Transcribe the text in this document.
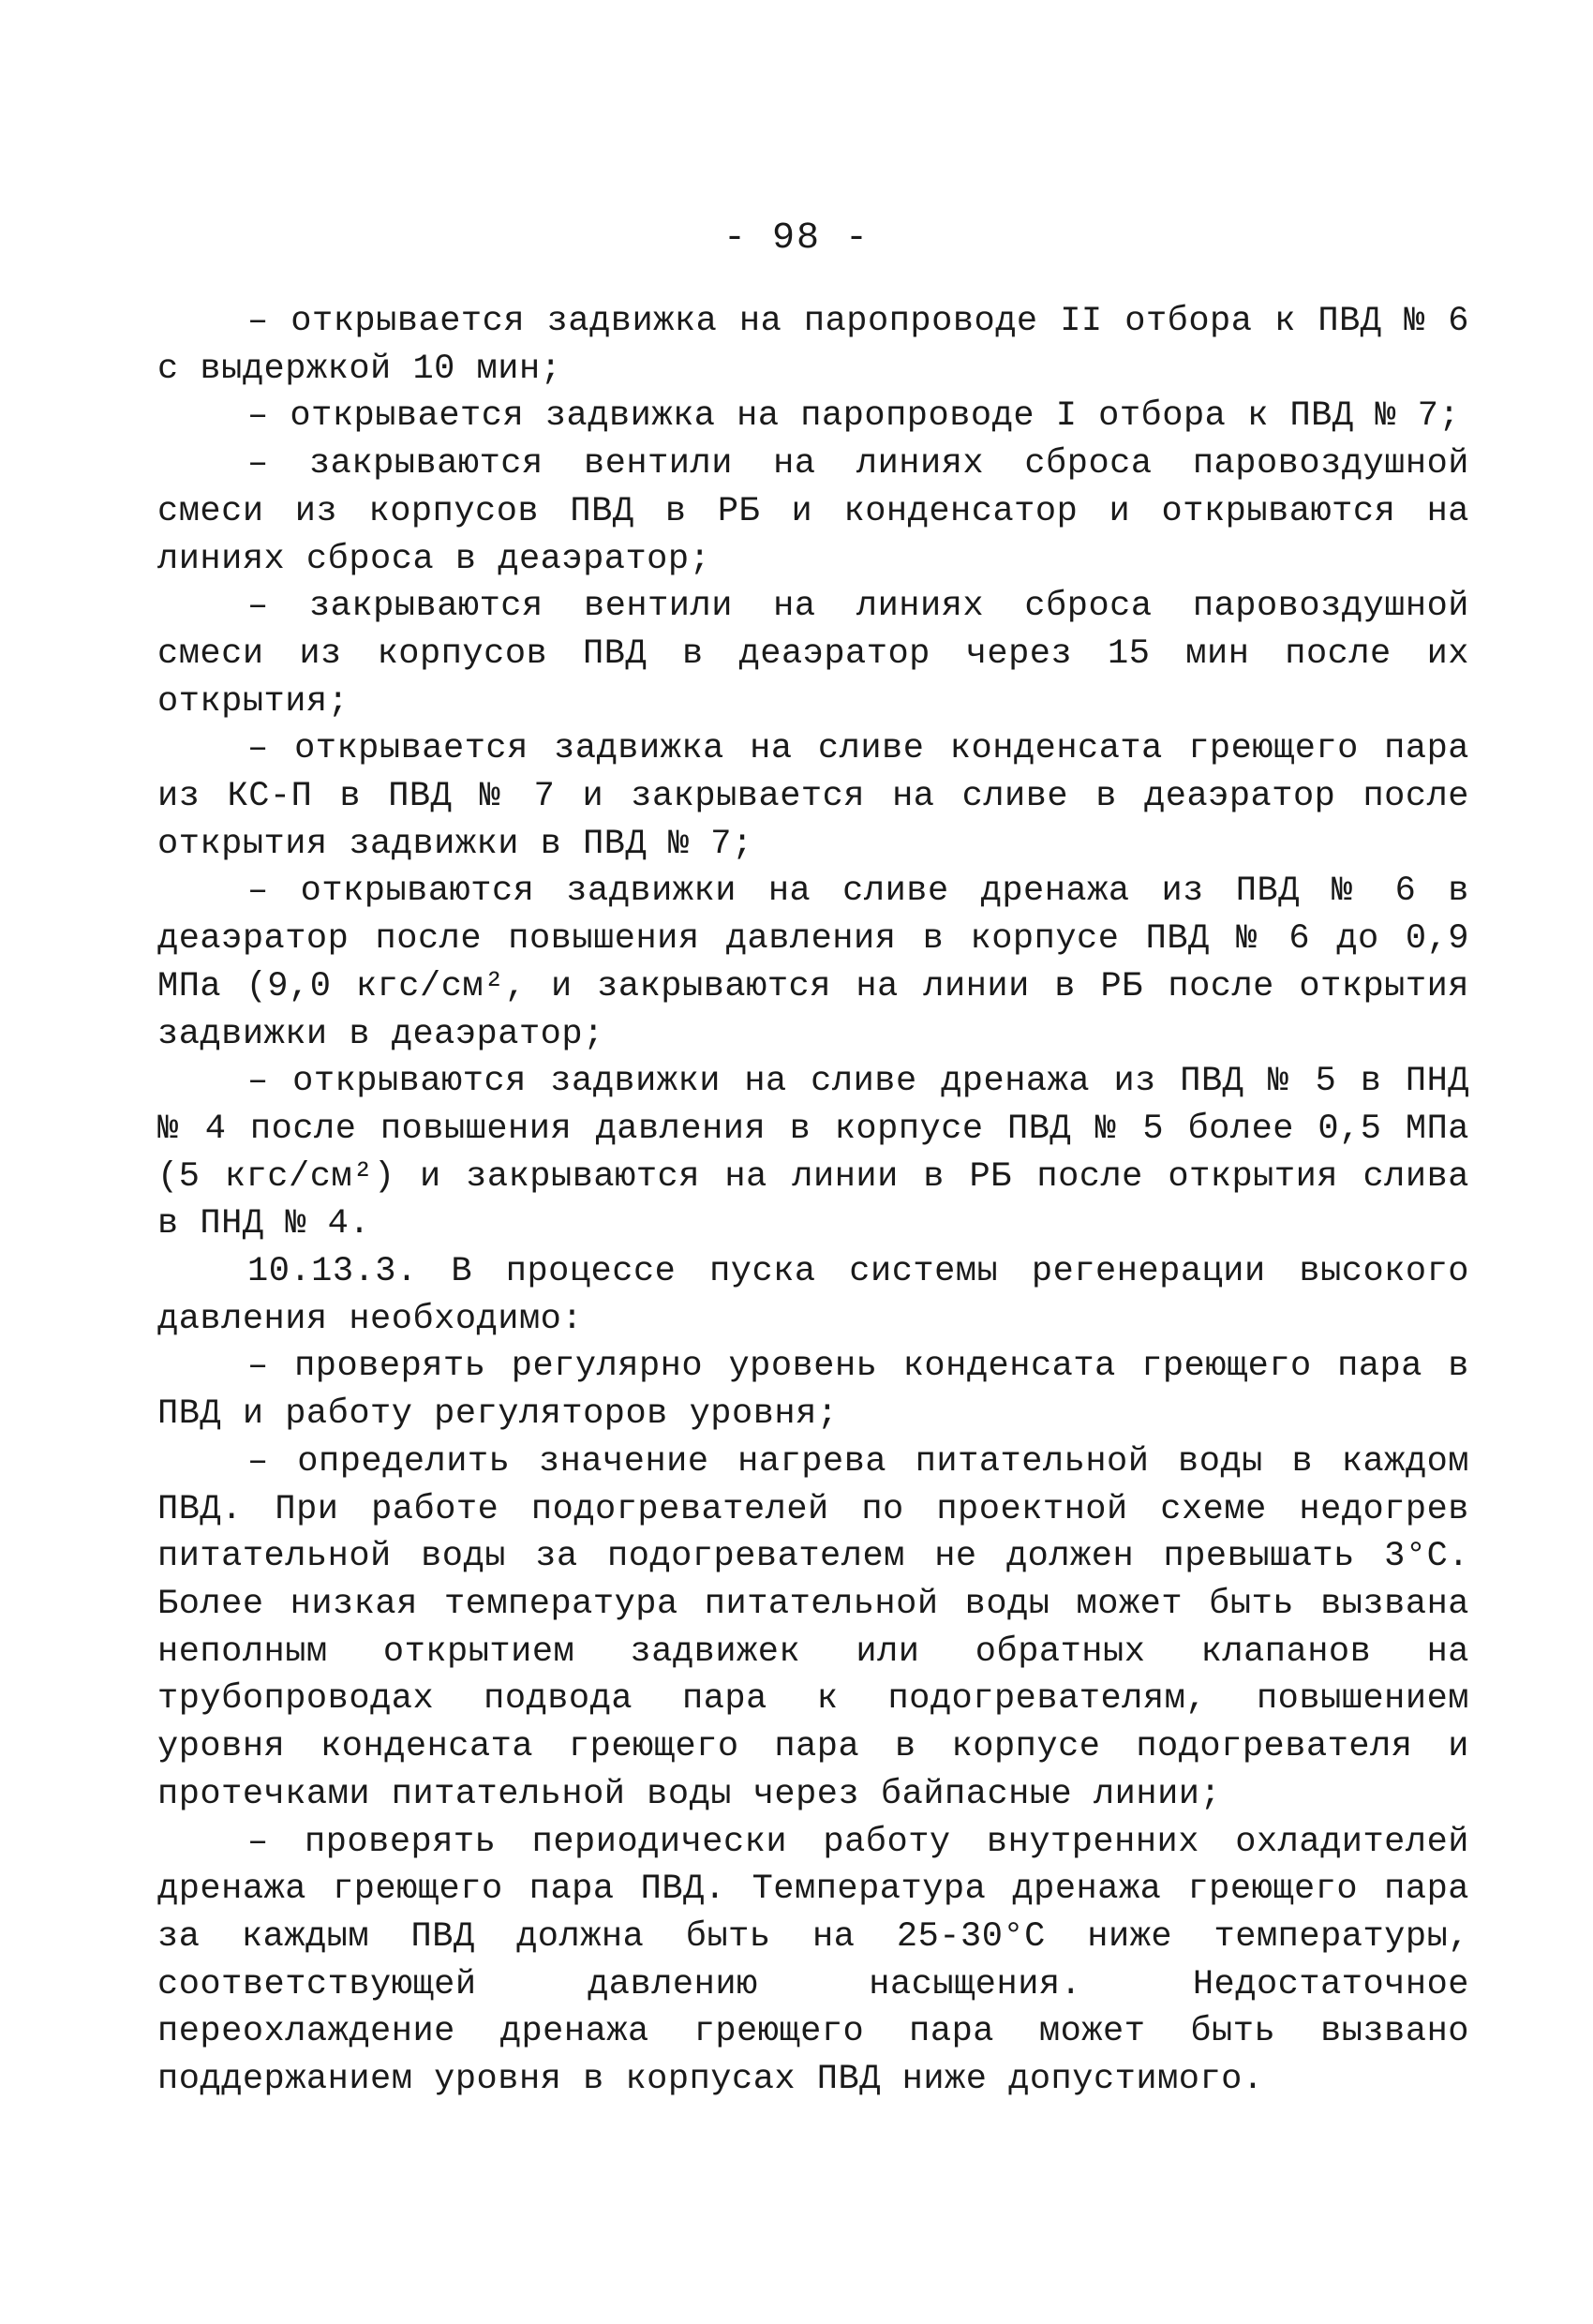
- 98 -

– открывается задвижка на паропроводе II отбора к ПВД № 6 с выдержкой 10 мин;

– открывается задвижка на паропроводе I отбора к ПВД № 7;

– закрываются вентили на линиях сброса паровоздушной смеси из корпусов ПВД в РБ и конденсатор и открываются на линиях сброса в деаэратор;

– закрываются вентили на линиях сброса паровоздушной смеси из корпусов ПВД в деаэратор через 15 мин после их открытия;

– открывается задвижка на сливе конденсата греющего пара из КС-П в ПВД № 7 и закрывается на сливе в деаэратор после открытия задвижки в ПВД № 7;

– открываются задвижки на сливе дренажа из ПВД № 6 в деаэратор после повышения давления в корпусе ПВД № 6 до 0,9 МПа (9,0 кгс/см², и закрываются на линии в РБ после открытия задвижки в деаэратор;

– открываются задвижки на сливе дренажа из ПВД № 5 в ПНД № 4 после повышения давления в корпусе ПВД № 5 более 0,5 МПа (5 кгс/см²) и закрываются на линии в РБ после открытия слива в ПНД № 4.

10.13.3. В процессе пуска системы регенерации высокого давления необходимо:

– проверять регулярно уровень конденсата греющего пара в ПВД и работу регуляторов уровня;

– определить значение нагрева питательной воды в каждом ПВД. При работе подогревателей по проектной схеме недогрев питательной воды за подогревателем не должен превышать 3°С. Более низкая температура питательной воды может быть вызвана неполным открытием задвижек или обратных клапанов на трубопроводах подвода пара к подогревателям, повышением уровня конденсата греющего пара в корпусе подогревателя и протечками питательной воды через байпасные линии;

– проверять периодически работу внутренних охладителей дренажа греющего пара ПВД. Температура дренажа греющего пара за каждым ПВД должна быть на 25-30°С ниже температуры, соответствующей давлению насыщения. Недостаточное переохлаждение дренажа греющего пара может быть вызвано поддержанием уровня в корпусах ПВД ниже допустимого.
